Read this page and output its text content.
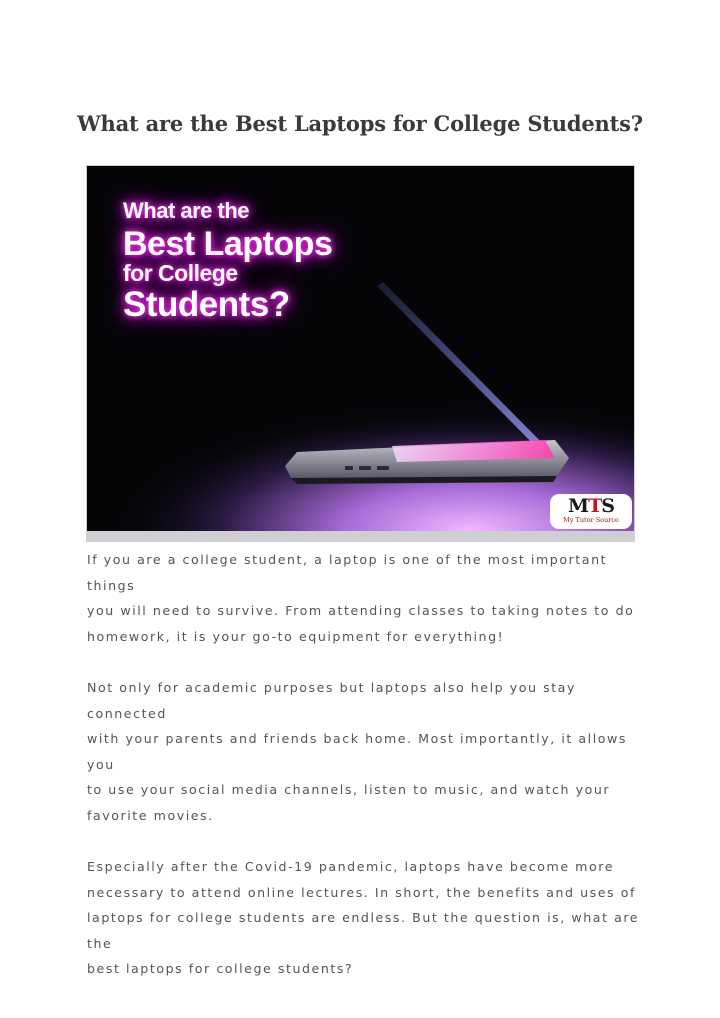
What are the Best Laptops for College Students?
What are the
Best Laptops
for College
Students?
MTS
My Tutor Source

If you are a college student, a laptop is one of the most important things
you will need to survive. From attending classes to taking notes to do
homework, it is your go-to equipment for everything!

Not only for academic purposes but laptops also help you stay connected
with your parents and friends back home. Most importantly, it allows you
to use your social media channels, listen to music, and watch your
favorite movies.

Especially after the Covid-19 pandemic, laptops have become more
necessary to attend online lectures. In short, the benefits and uses of
laptops for college students are endless. But the question is, what are the
best laptops for college students?
